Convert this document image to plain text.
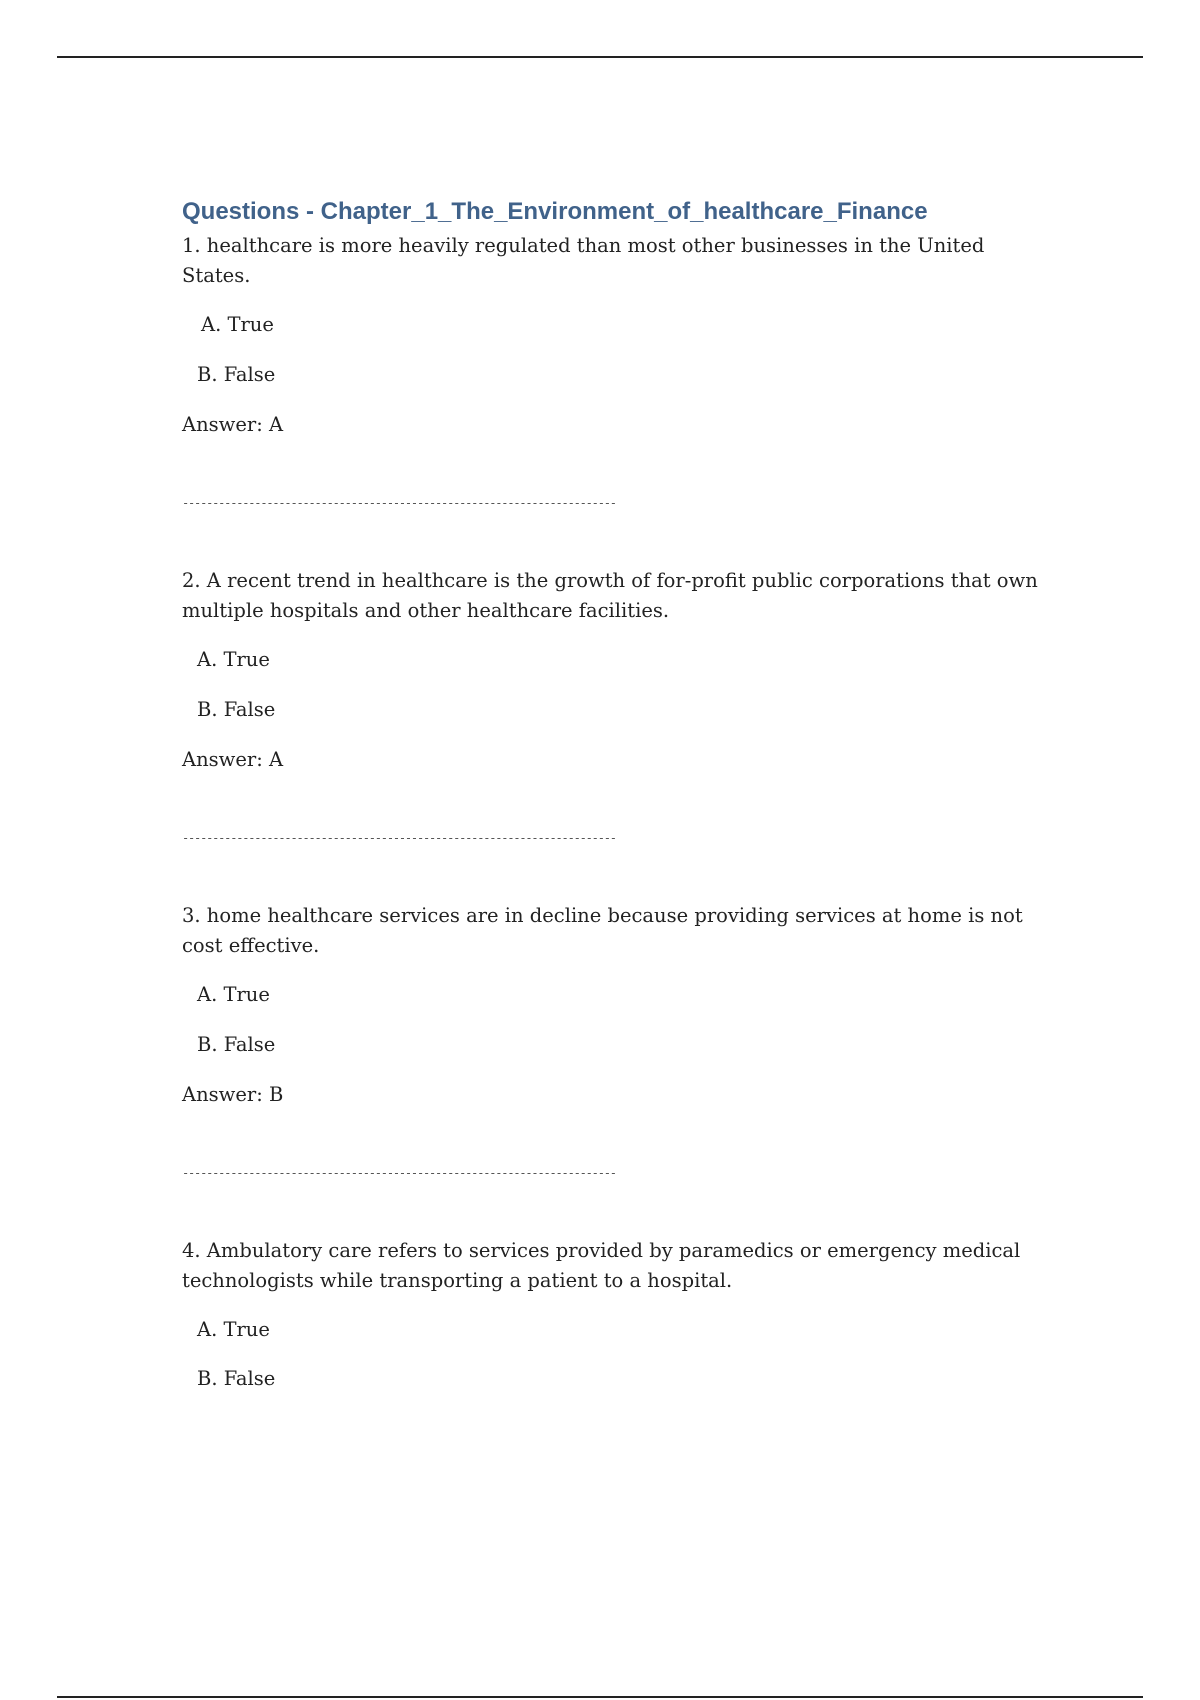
Questions - Chapter_1_The_Environment_of_healthcare_Finance

1. healthcare is more heavily regulated than most other businesses in the United States.

A. True

B. False

Answer: A

------------------------------------------------------------------------

2. A recent trend in healthcare is the growth of for-profit public corporations that own multiple hospitals and other healthcare facilities.

A. True

B. False

Answer: A

------------------------------------------------------------------------

3. home healthcare services are in decline because providing services at home is not cost effective.

A. True

B. False

Answer: B

------------------------------------------------------------------------

4. Ambulatory care refers to services provided by paramedics or emergency medical technologists while transporting a patient to a hospital.

A. True

B. False
